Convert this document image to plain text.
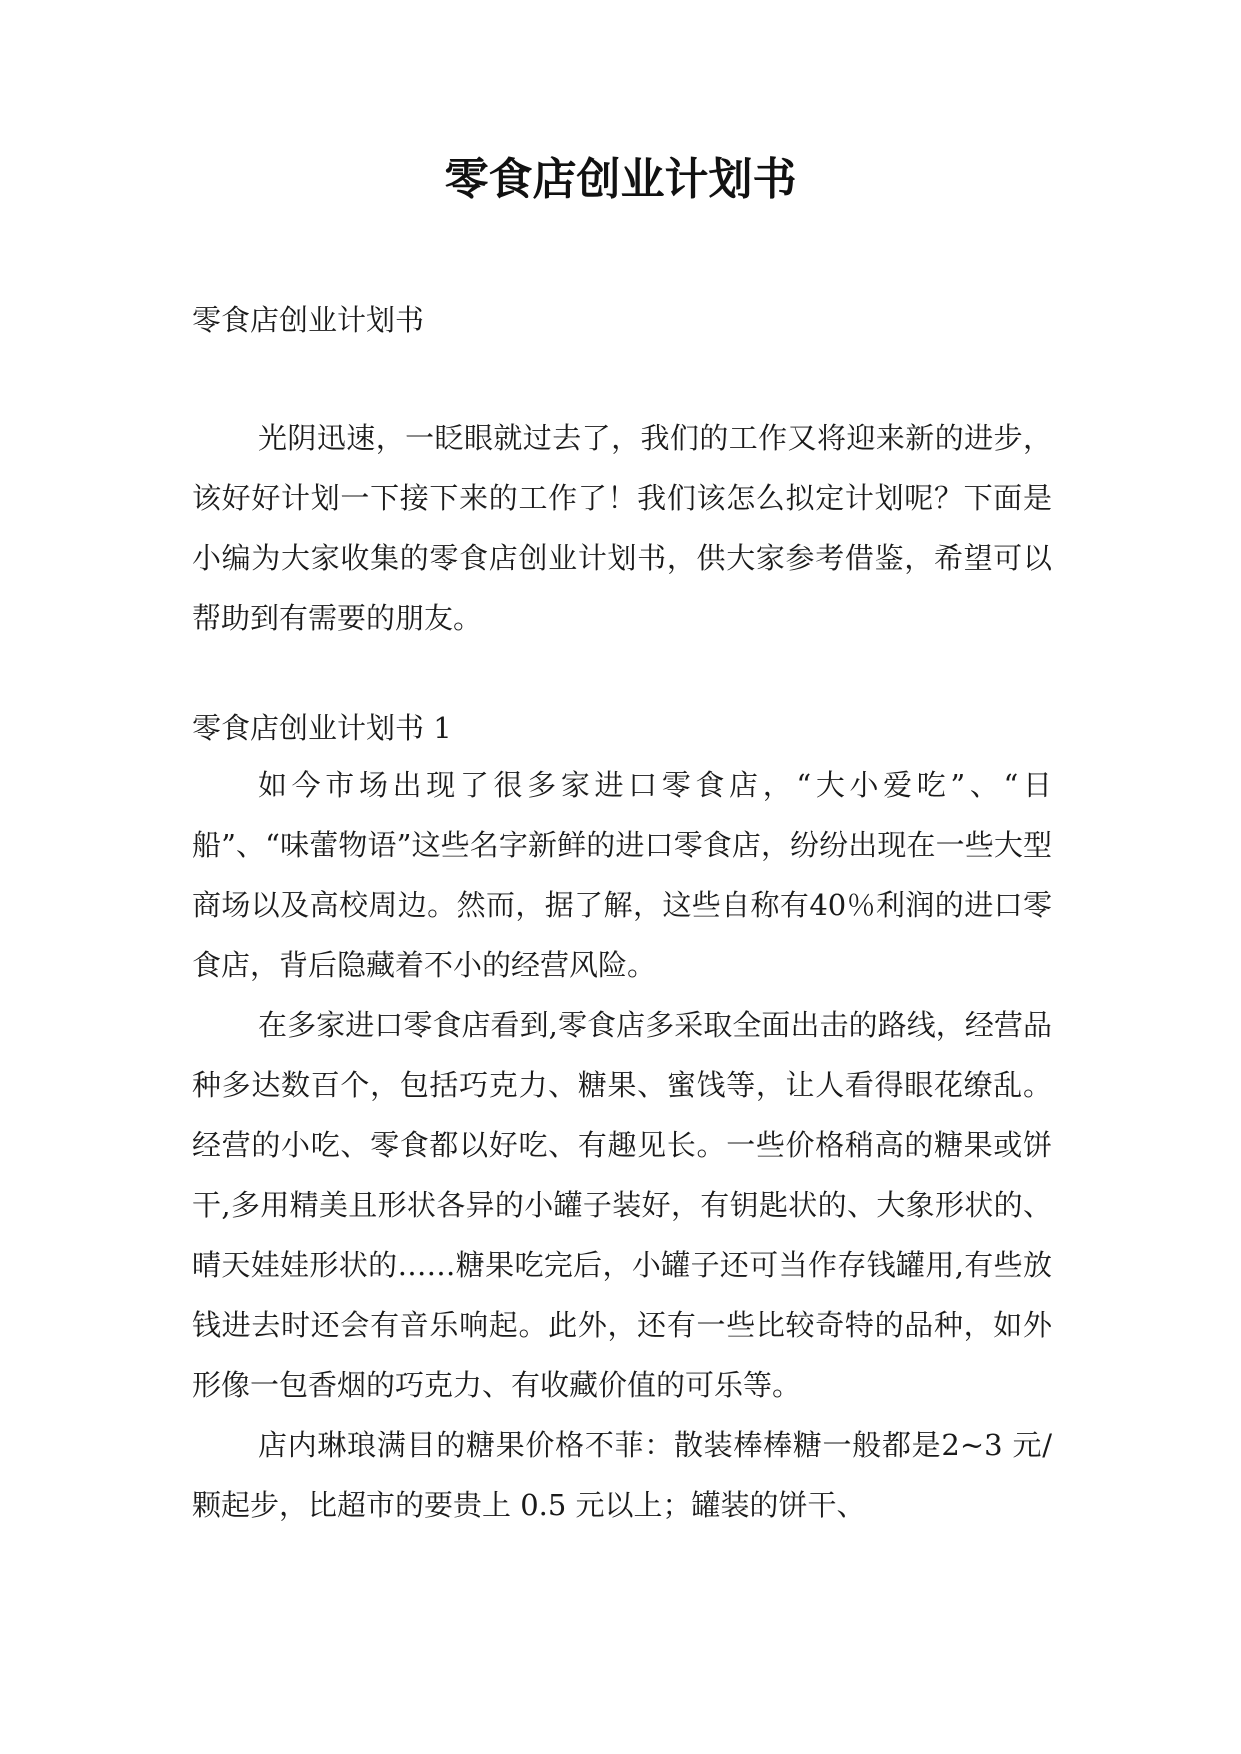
零食店创业计划书
零食店创业计划书

光阴迅速，一眨眼就过去了，我们的工作又将迎来新的进步，该好好计划一下接下来的工作了！我们该怎么拟定计划呢？下面是小编为大家收集的零食店创业计划书，供大家参考借鉴，希望可以帮助到有需要的朋友。

零食店创业计划书 1

如今市场出现了很多家进口零食店，“大小爱吃”、“日船”、“味蕾物语”这些名字新鲜的进口零食店，纷纷出现在一些大型商场以及高校周边。然而，据了解，这些自称有40％利润的进口零食店，背后隐藏着不小的经营风险。

在多家进口零食店看到,零食店多采取全面出击的路线，经营品种多达数百个，包括巧克力、糖果、蜜饯等，让人看得眼花缭乱。经营的小吃、零食都以好吃、有趣见长。一些价格稍高的糖果或饼干,多用精美且形状各异的小罐子装好，有钥匙状的、大象形状的、晴天娃娃形状的……糖果吃完后，小罐子还可当作存钱罐用,有些放钱进去时还会有音乐响起。此外，还有一些比较奇特的品种，如外形像一包香烟的巧克力、有收藏价值的可乐等。

店内琳琅满目的糖果价格不菲：散装棒棒糖一般都是2~3 元/颗起步，比超市的要贵上 0.5 元以上；罐装的饼干、
